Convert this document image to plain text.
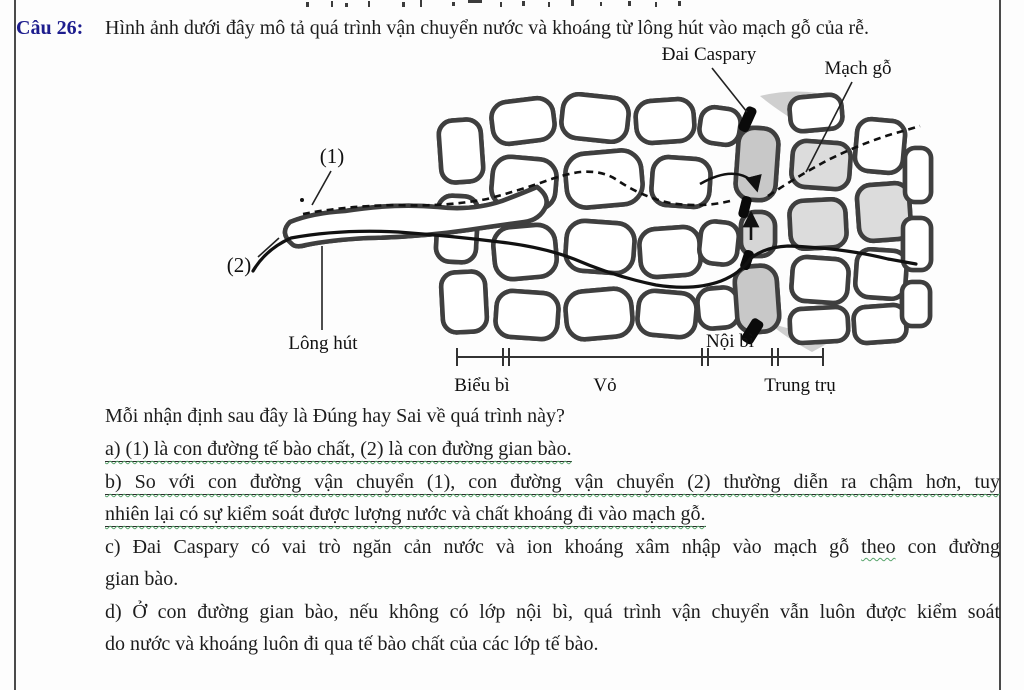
Câu 26: Hình ảnh dưới đây mô tả quá trình vận chuyển nước và khoáng từ lông hút vào mạch gỗ của rễ.
Đai Caspary
Mạch gỗ
(1)
(2)
Lông hút
Biểu bì	Vỏ
Nội bì
Trung trụ
Mỗi nhận định sau đây là Đúng hay Sai về quá trình này?
a) (1) là con đường tế bào chất, (2) là con đường gian bào.
b) So với con đường vận chuyển (1), con đường vận chuyển (2) thường diễn ra chậm hơn, tuy
nhiên lại có sự kiểm soát được lượng nước và chất khoáng đi vào mạch gỗ.
c) Đai Caspary có vai trò ngăn cản nước và ion khoáng xâm nhập vào mạch gỗ theo con đường
gian bào.
d) Ở con đường gian bào, nếu không có lớp nội bì, quá trình vận chuyển vẫn luôn được kiểm soát
do nước và khoáng luôn đi qua tế bào chất của các lớp tế bào.
